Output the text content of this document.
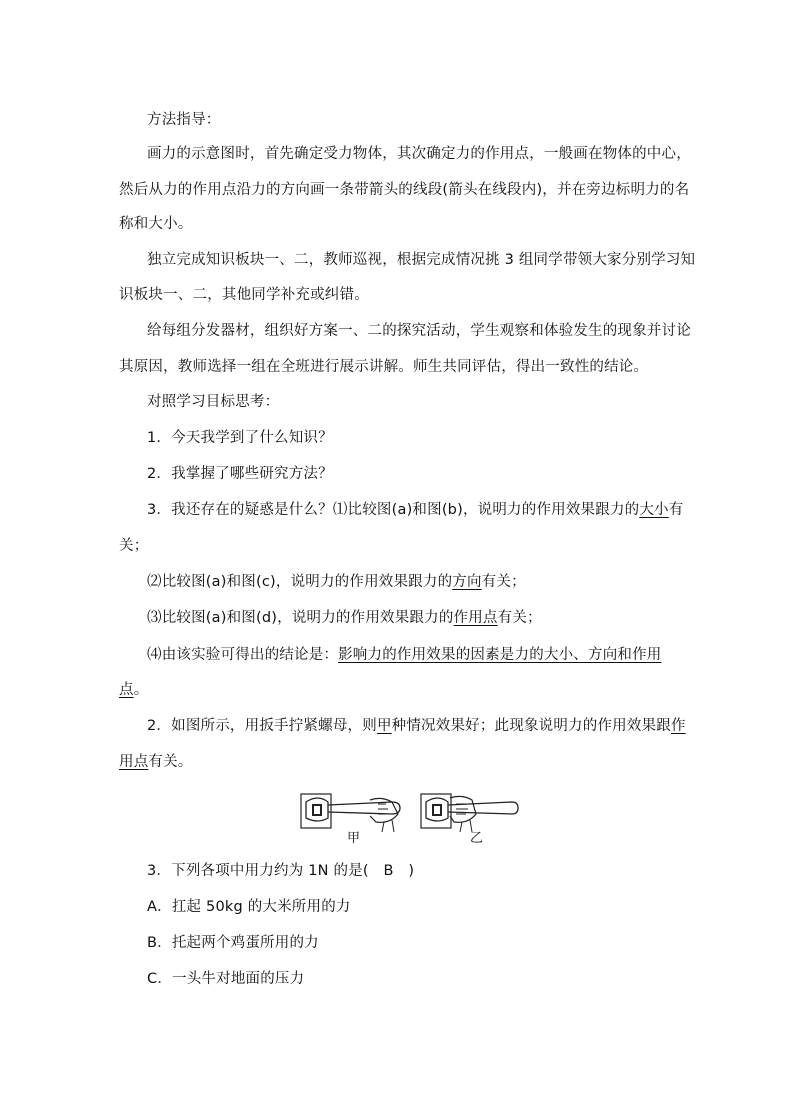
方法指导：
画力的示意图时，首先确定受力物体，其次确定力的作用点，一般画在物体的中心，
然后从力的作用点沿力的方向画一条带箭头的线段(箭头在线段内)，并在旁边标明力的名
称和大小。
独立完成知识板块一、二，教师巡视，根据完成情况挑 3 组同学带领大家分别学习知
识板块一、二，其他同学补充或纠错。
给每组分发器材，组织好方案一、二的探究活动，学生观察和体验发生的现象并讨论
其原因，教师选择一组在全班进行展示讲解。师生共同评估，得出一致性的结论。
对照学习目标思考：
1．今天我学到了什么知识？
2．我掌握了哪些研究方法？
3．我还存在的疑惑是什么？⑴比较图(a)和图(b)，说明力的作用效果跟力的大小有
关；
⑵比较图(a)和图(c)，说明力的作用效果跟力的方向有关；
⑶比较图(a)和图(d)，说明力的作用效果跟力的作用点有关；
⑷由该实验可得出的结论是：影响力的作用效果的因素是力的大小、方向和作用
点。
2．如图所示，用扳手拧紧螺母，则甲种情况效果好；此现象说明力的作用效果跟作
用点有关。
甲	乙
3．下列各项中用力约为 1N 的是(　B　)
A．扛起 50kg 的大米所用的力
B．托起两个鸡蛋所用的力
C．一头牛对地面的压力
